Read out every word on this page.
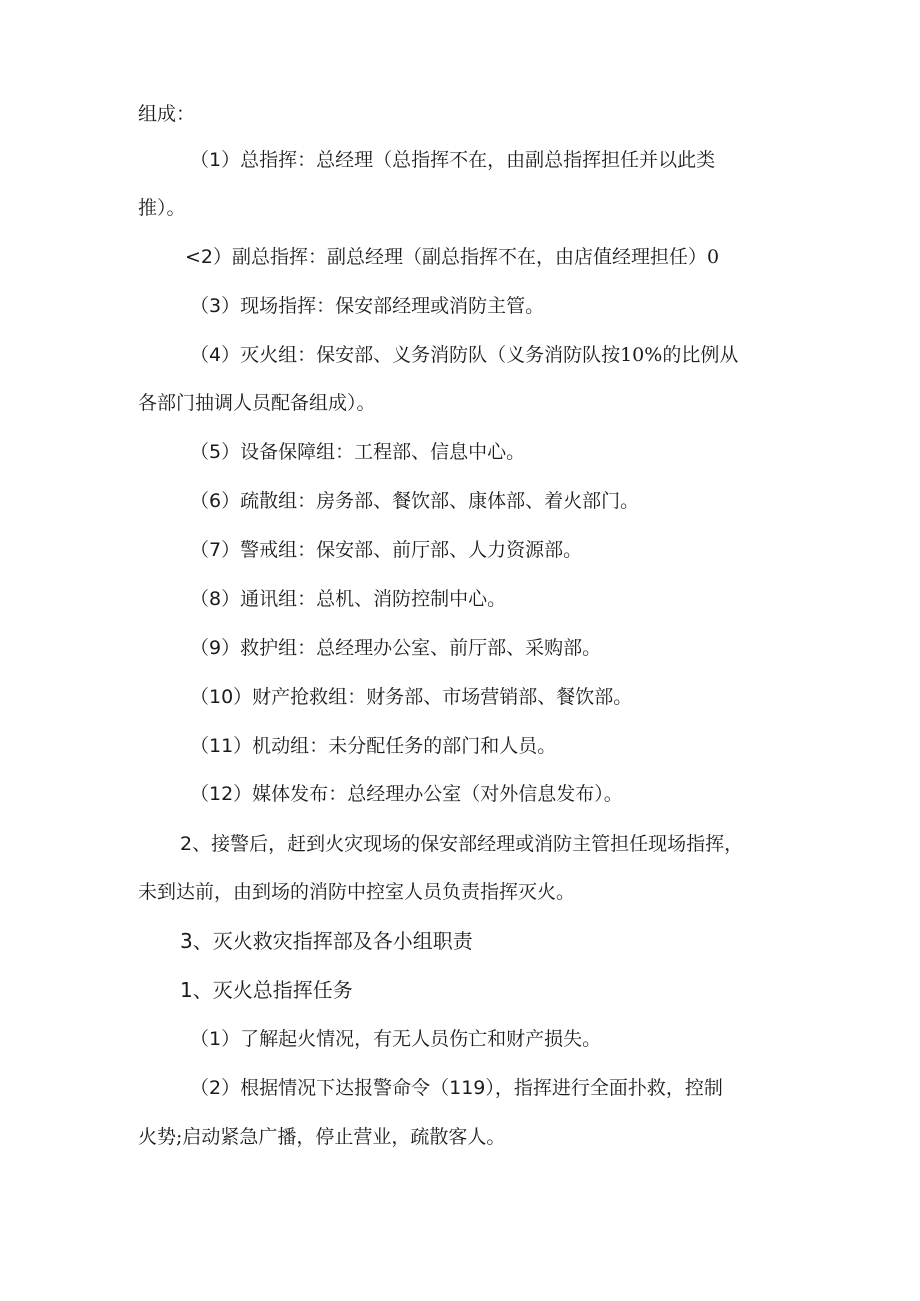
组成：
（1）总指挥：总经理（总指挥不在，由副总指挥担任并以此类
推）。
<2）副总指挥：副总经理（副总指挥不在，由店值经理担任）0
（3）现场指挥：保安部经理或消防主管。
（4）灭火组：保安部、义务消防队（义务消防队按10%的比例从
各部门抽调人员配备组成）。
（5）设备保障组：工程部、信息中心。
（6）疏散组：房务部、餐饮部、康体部、着火部门。
（7）警戒组：保安部、前厅部、人力资源部。
（8）通讯组：总机、消防控制中心。
（9）救护组：总经理办公室、前厅部、采购部。
（10）财产抢救组：财务部、市场营销部、餐饮部。
（11）机动组：未分配任务的部门和人员。
（12）媒体发布：总经理办公室（对外信息发布）。
2、接警后，赶到火灾现场的保安部经理或消防主管担任现场指挥，
未到达前，由到场的消防中控室人员负责指挥灭火。
3、灭火救灾指挥部及各小组职责
1、灭火总指挥任务
（1）了解起火情况，有无人员伤亡和财产损失。
（2）根据情况下达报警命令（119），指挥进行全面扑救，控制
火势;启动紧急广播，停止营业，疏散客人。
